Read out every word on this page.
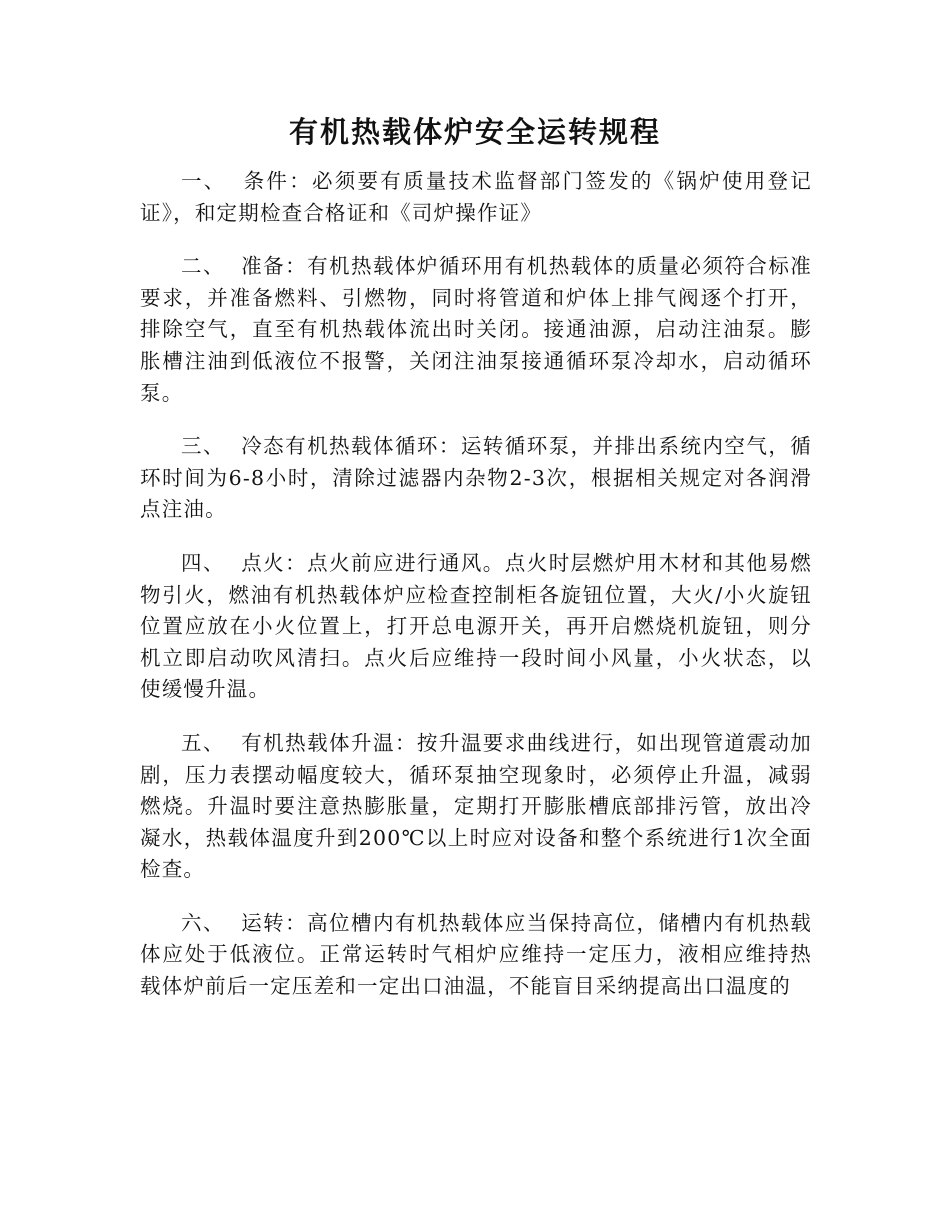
有机热载体炉安全运转规程

一、 条件：必须要有质量技术监督部门签发的《锅炉使用登记证》，和定期检查合格证和《司炉操作证》

二、 准备：有机热载体炉循环用有机热载体的质量必须符合标准要求，并准备燃料、引燃物，同时将管道和炉体上排气阀逐个打开，排除空气，直至有机热载体流出时关闭。接通油源，启动注油泵。膨胀槽注油到低液位不报警，关闭注油泵接通循环泵冷却水，启动循环泵。

三、 冷态有机热载体循环：运转循环泵，并排出系统内空气，循环时间为6-8小时，清除过滤器内杂物2-3次，根据相关规定对各润滑点注油。

四、 点火：点火前应进行通风。点火时层燃炉用木材和其他易燃物引火，燃油有机热载体炉应检查控制柜各旋钮位置，大火/小火旋钮位置应放在小火位置上，打开总电源开关，再开启燃烧机旋钮，则分机立即启动吹风清扫。点火后应维持一段时间小风量，小火状态，以使缓慢升温。

五、 有机热载体升温：按升温要求曲线进行，如出现管道震动加剧，压力表摆动幅度较大，循环泵抽空现象时，必须停止升温，减弱燃烧。升温时要注意热膨胀量，定期打开膨胀槽底部排污管，放出冷凝水，热载体温度升到200℃以上时应对设备和整个系统进行1次全面检查。

六、 运转：高位槽内有机热载体应当保持高位，储槽内有机热载体应处于低液位。正常运转时气相炉应维持一定压力，液相应维持热载体炉前后一定压差和一定出口油温，不能盲目采纳提高出口温度的
